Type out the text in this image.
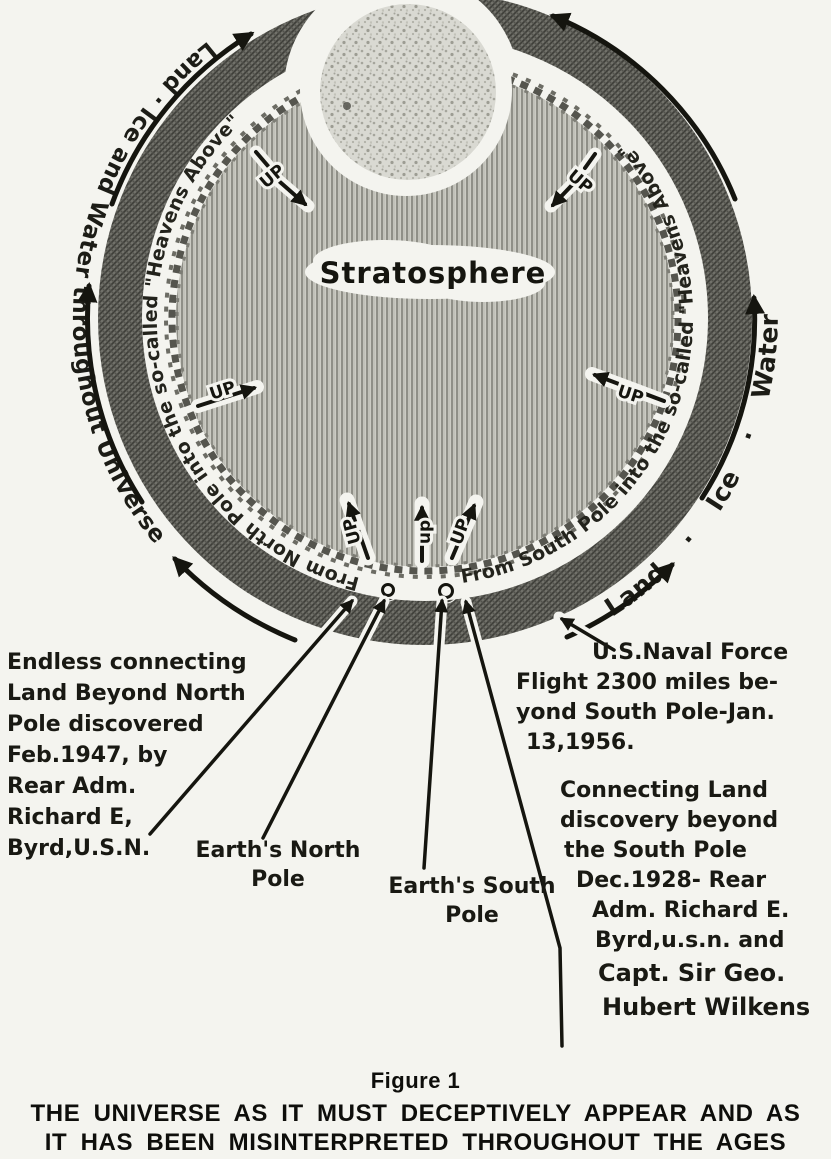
Land · Ice and Water throughout Universe
Land · Ice · Water
From North Pole into the so-called "Heavens Above"
From South Pole into the so-called "Heavens Above"
UP	UP
UP	UP
UP	up UP
Stratosphere
Endless connecting
Land Beyond North
Pole discovered
Feb.1947, by
Rear Adm.
Richard E,
Byrd,U.S.N.	Earth's North
Pole	Earth's South
Pole
U.S.Naval Force
Flight 2300 miles be-
yond South Pole-Jan.
13,1956.
Connecting Land
discovery beyond
the South Pole
Dec.1928- Rear
Adm. Richard E.
Byrd,u.s.n. and
Capt. Sir Geo.
Hubert Wilkens
Figure 1
THE UNIVERSE AS IT MUST DECEPTIVELY APPEAR AND AS
IT HAS BEEN MISINTERPRETED THROUGHOUT THE AGES
